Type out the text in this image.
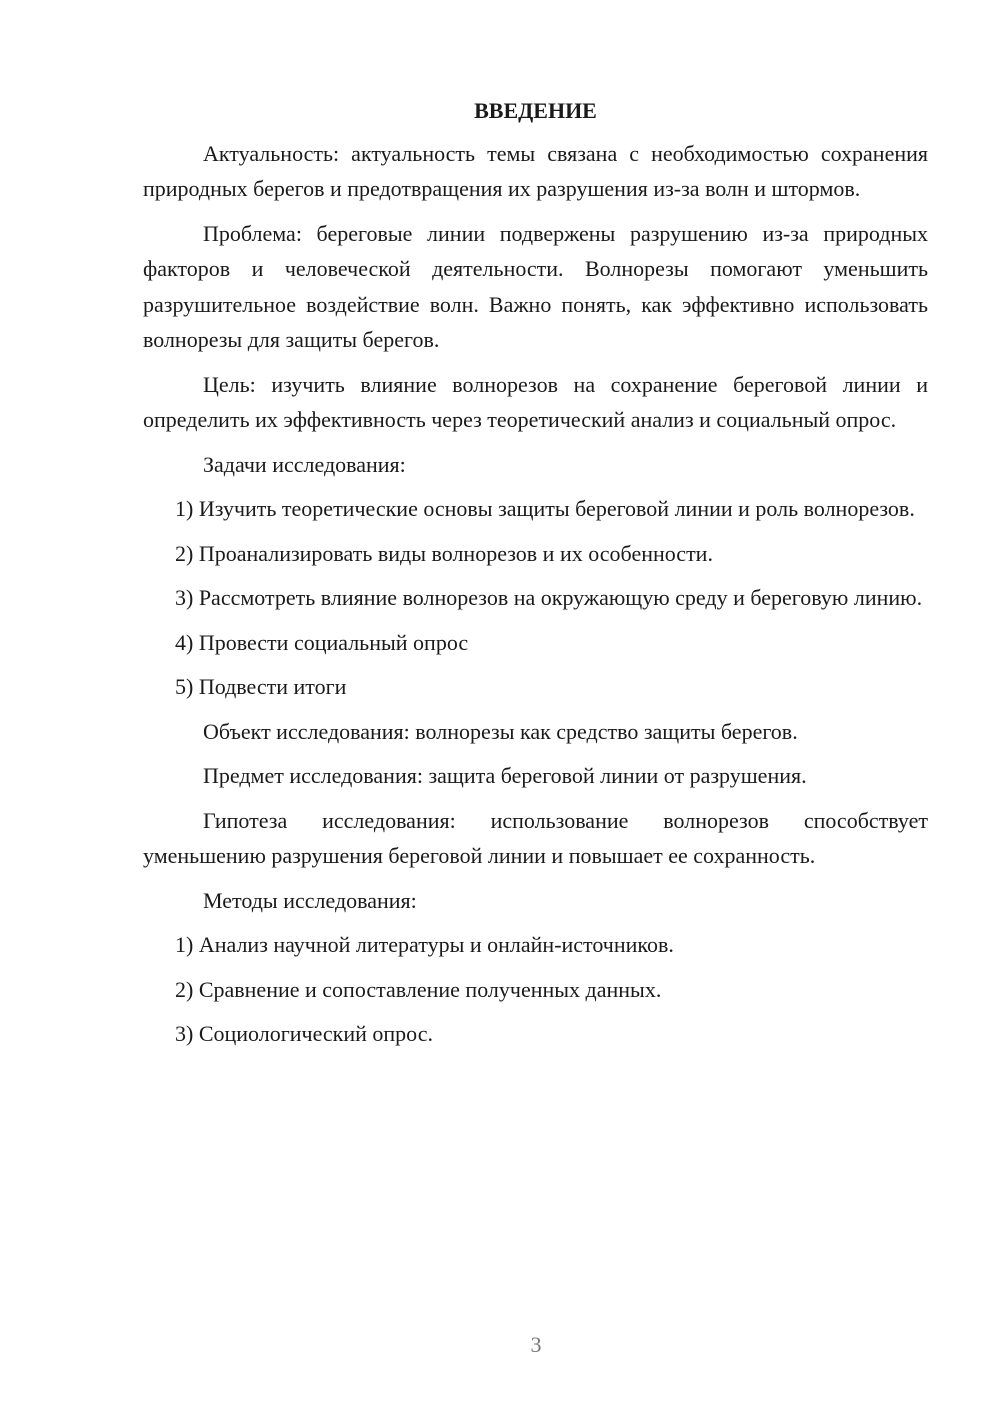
ВВЕДЕНИЕ

Актуальность: актуальность темы связана с необходимостью сохранения природных берегов и предотвращения их разрушения из-за волн и штормов.

Проблема: береговые линии подвержены разрушению из-за природных факторов и человеческой деятельности. Волнорезы помогают уменьшить разрушительное воздействие волн. Важно понять, как эффективно использовать волнорезы для защиты берегов.

Цель: изучить влияние волнорезов на сохранение береговой линии и определить их эффективность через теоретический анализ и социальный опрос.

Задачи исследования:

1) Изучить теоретические основы защиты береговой линии и роль волнорезов.

2) Проанализировать виды волнорезов и их особенности.

3) Рассмотреть влияние волнорезов на окружающую среду и береговую линию.

4) Провести социальный опрос

5) Подвести итоги

Объект исследования: волнорезы как средство защиты берегов.

Предмет исследования: защита береговой линии от разрушения.

Гипотеза исследования: использование волнорезов способствует уменьшению разрушения береговой линии и повышает ее сохранность.

Методы исследования:

1) Анализ научной литературы и онлайн-источников.

2) Сравнение и сопоставление полученных данных.

3) Социологический опрос.

3
